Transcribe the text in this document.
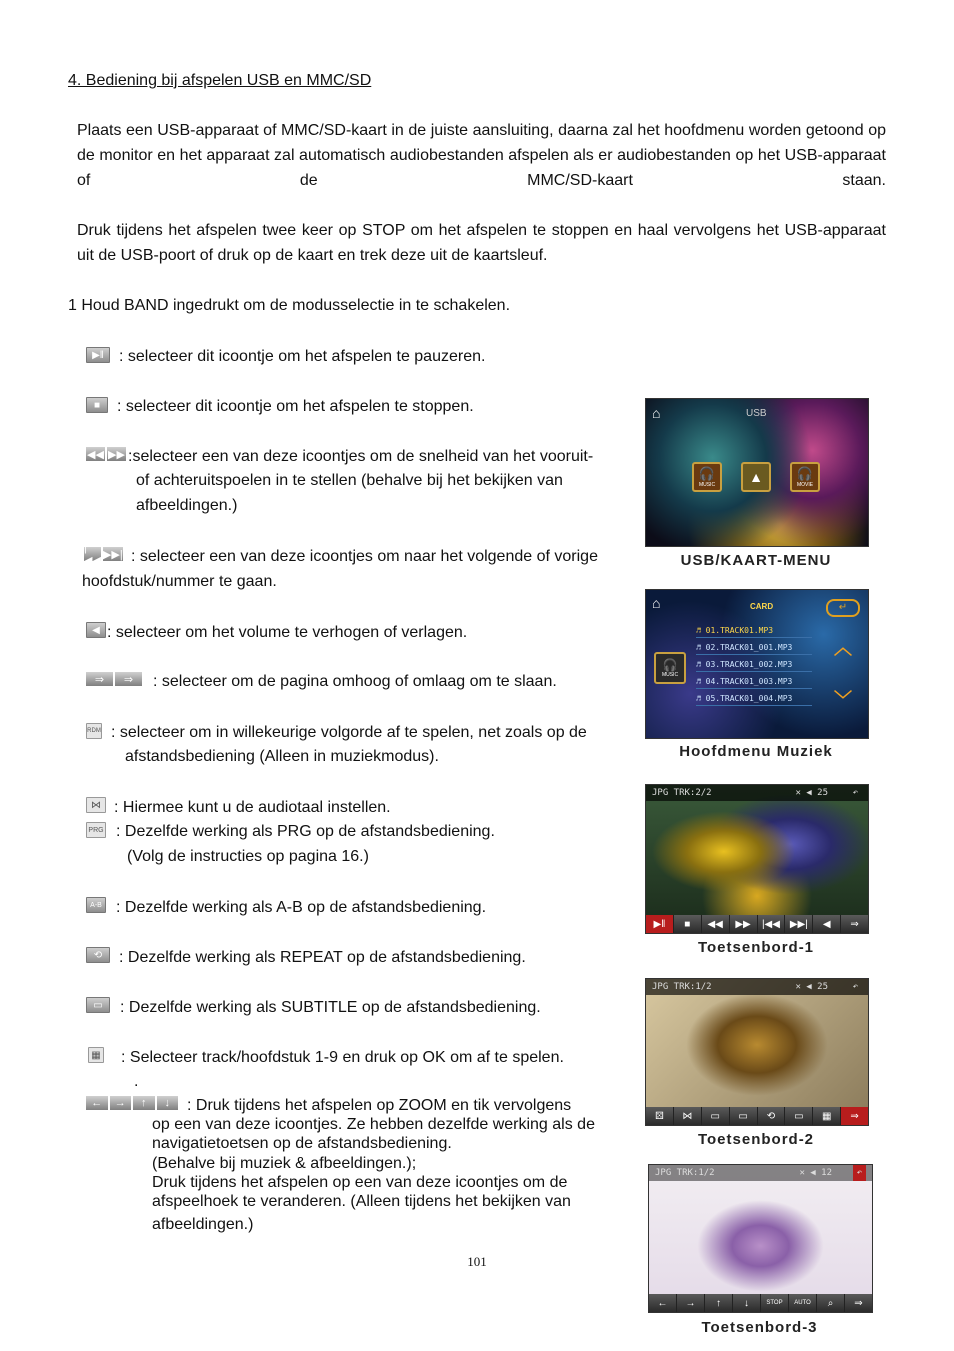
4. Bediening bij afspelen USB en MMC/SD
Plaats een USB-apparaat of MMC/SD-kaart in de juiste aansluiting, daarna zal het hoofdmenu worden getoond op de monitor en het apparaat zal automatisch audiobestanden afspelen als er audiobestanden op het USB-apparaat of de MMC/SD-kaart staan.
Druk tijdens het afspelen twee keer op STOP om het afspelen te stoppen en haal vervolgens het USB-apparaat uit de USB-poort of druk op de kaart en trek deze uit de kaartsleuf.
1 Houd BAND ingedrukt om de modusselectie in te schakelen.
▶‖ : selecteer dit icoontje om het afspelen te pauzeren.
■	: selecteer dit icoontje om het afspelen te stoppen.
◀◀ ▶▶ :selecteer een van deze icoontjes om de snelheid van het vooruit-
of achteruitspoelen in te stellen (behalve bij het bekijken van
afbeeldingen.)
|◀◀ ▶▶| : selecteer een van deze icoontjes om naar het volgende of vorige
hoofdstuk/nummer te gaan.
◀ : selecteer om het volume te verhogen of verlagen.
⇒	⇒	: selecteer om de pagina omhoog of omlaag om te slaan.
RDM : selecteer om in willekeurige volgorde af te spelen, net zoals op de
afstandsbediening (Alleen in muziekmodus).
⋈ : Hiermee kunt u de audiotaal instellen.
PRG : Dezelfde werking als PRG op de afstandsbediening.
(Volg de instructies op pagina 16.)
A-B : Dezelfde werking als A-B op de afstandsbediening.
⟲	: Dezelfde werking als REPEAT op de afstandsbediening.
▭	: Dezelfde werking als SUBTITLE op de afstandsbediening.
▦ : Selecteer track/hoofdstuk 1-9 en druk op OK om af te spelen.
.
←	→	↑	↓	: Druk tijdens het afspelen op ZOOM en tik vervolgens
op een van deze icoontjes. Ze hebben dezelfde werking als de
navigatietoetsen op de afstandsbediening.
(Behalve bij muziek & afbeeldingen.);
Druk tijdens het afspelen op een van deze icoontjes om de
afspeelhoek te veranderen. (Alleen tijdens het bekijken van
afbeeldingen.)
⌂	USB
🎧
MUSIC	▲	🎧
MOVIE
USB/KAART-MENU
⌂	CARD	↵
🎧
MUSIC
♬ 01.TRACK01.MP3
♬ 02.TRACK01_001.MP3
♬ 03.TRACK01_002.MP3
♬ 04.TRACK01_003.MP3
♬ 05.TRACK01_004.MP3
︿
﹀
Hoofdmenu Muziek
JPG TRK:2/2	✕ ◀ 25	↶
▶‖	■	◀◀	▶▶	|◀◀ ▶▶|	◀	⇒
Toetsenbord-1
JPG TRK:1/2	✕ ◀ 25	↶
⚄	⋈	▭	▭	⟲	▭	▦	⇒
Toetsenbord-2
JPG TRK:1/2	✕ ◀ 12	↶
←	→	↑	↓	STOP	AUTO	⌕	⇒
Toetsenbord-3
101
